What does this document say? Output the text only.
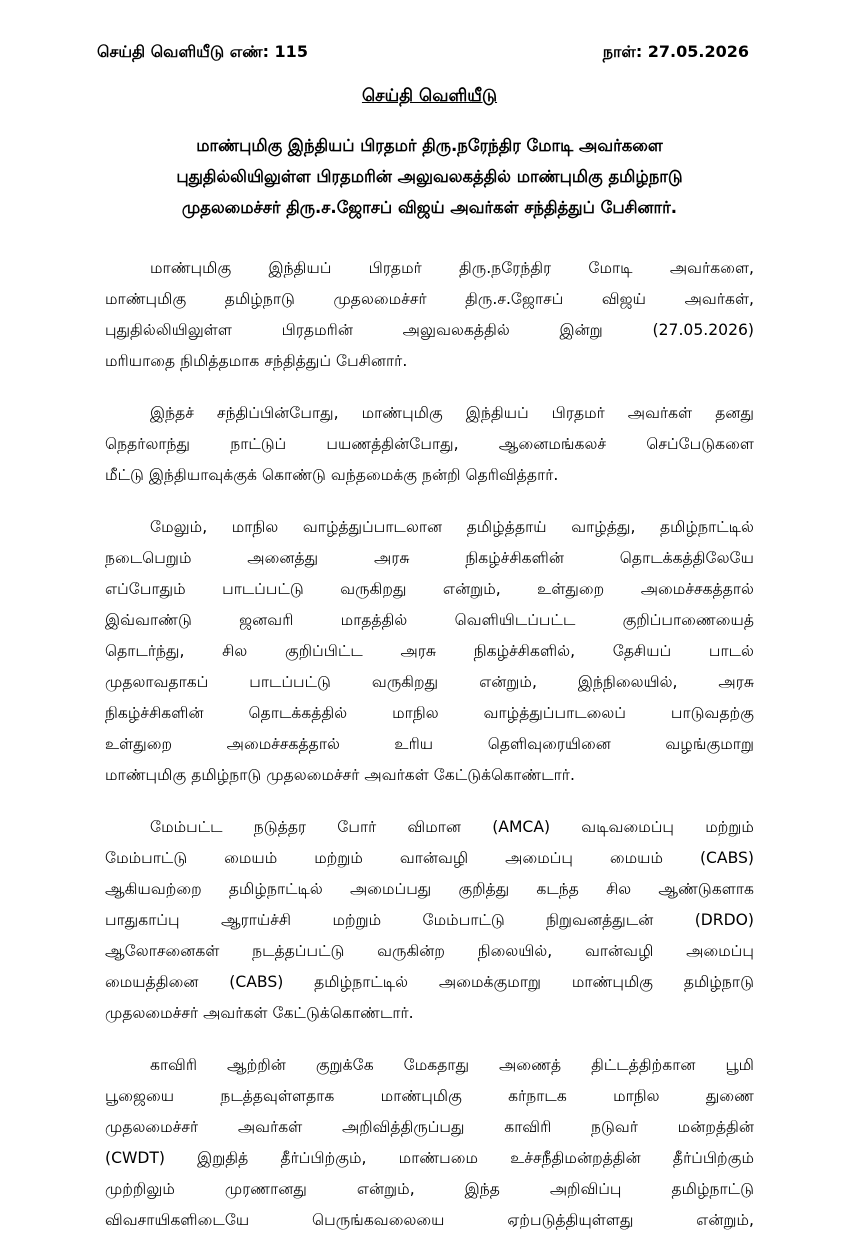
செய்தி வெளியீடு எண்: 115	நாள்: 27.05.2026
செய்தி வெளியீடு
மாண்புமிகு இந்தியப் பிரதமர் திரு.நரேந்திர மோடி அவர்களை
புதுதில்லியிலுள்ள பிரதமரின் அலுவலகத்தில் மாண்புமிகு தமிழ்நாடு
முதலமைச்சர் திரு.ச.ஜோசப் விஜய் அவர்கள் சந்தித்துப் பேசினார்.
மாண்புமிகு இந்தியப் பிரதமர் திரு.நரேந்திர மோடி அவர்களை,
மாண்புமிகு தமிழ்நாடு முதலமைச்சர் திரு.ச.ஜோசப் விஜய் அவர்கள்,
புதுதில்லியிலுள்ள பிரதமரின் அலுவலகத்தில் இன்று (27.05.2026)
மரியாதை நிமித்தமாக சந்தித்துப் பேசினார்.
இந்தச் சந்திப்பின்போது, மாண்புமிகு இந்தியப் பிரதமர் அவர்கள் தனது
நெதர்லாந்து நாட்டுப் பயணத்தின்போது, ஆனைமங்கலச் செப்பேடுகளை
மீட்டு இந்தியாவுக்குக் கொண்டு வந்தமைக்கு நன்றி தெரிவித்தார்.
மேலும், மாநில வாழ்த்துப்பாடலான தமிழ்த்தாய் வாழ்த்து, தமிழ்நாட்டில்
நடைபெறும் அனைத்து அரசு நிகழ்ச்சிகளின் தொடக்கத்திலேயே
எப்போதும் பாடப்பட்டு வருகிறது என்றும், உள்துறை அமைச்சகத்தால்
இவ்வாண்டு ஜனவரி மாதத்தில் வெளியிடப்பட்ட குறிப்பாணையைத்
தொடர்ந்து, சில குறிப்பிட்ட அரசு நிகழ்ச்சிகளில், தேசியப் பாடல்
முதலாவதாகப் பாடப்பட்டு வருகிறது என்றும், இந்நிலையில், அரசு
நிகழ்ச்சிகளின் தொடக்கத்தில் மாநில வாழ்த்துப்பாடலைப் பாடுவதற்கு
உள்துறை அமைச்சகத்தால் உரிய தெளிவுரையினை வழங்குமாறு
மாண்புமிகு தமிழ்நாடு முதலமைச்சர் அவர்கள் கேட்டுக்கொண்டார்.
மேம்பட்ட நடுத்தர போர் விமான (AMCA) வடிவமைப்பு மற்றும்
மேம்பாட்டு மையம் மற்றும் வான்வழி அமைப்பு மையம் (CABS)
ஆகியவற்றை தமிழ்நாட்டில் அமைப்பது குறித்து கடந்த சில ஆண்டுகளாக
பாதுகாப்பு ஆராய்ச்சி மற்றும் மேம்பாட்டு நிறுவனத்துடன் (DRDO)
ஆலோசனைகள் நடத்தப்பட்டு வருகின்ற நிலையில், வான்வழி அமைப்பு
மையத்தினை (CABS) தமிழ்நாட்டில் அமைக்குமாறு மாண்புமிகு தமிழ்நாடு
முதலமைச்சர் அவர்கள் கேட்டுக்கொண்டார்.
காவிரி ஆற்றின் குறுக்கே மேகதாது அணைத் திட்டத்திற்கான பூமி
பூஜையை நடத்தவுள்ளதாக மாண்புமிகு கர்நாடக மாநில துணை
முதலமைச்சர் அவர்கள் அறிவித்திருப்பது காவிரி நடுவர் மன்றத்தின்
(CWDT) இறுதித் தீர்ப்பிற்கும், மாண்பமை உச்சநீதிமன்றத்தின் தீர்ப்பிற்கும்
முற்றிலும் முரணானது என்றும், இந்த அறிவிப்பு தமிழ்நாட்டு
விவசாயிகளிடையே பெருங்கவலையை ஏற்படுத்தியுள்ளது என்றும்,
